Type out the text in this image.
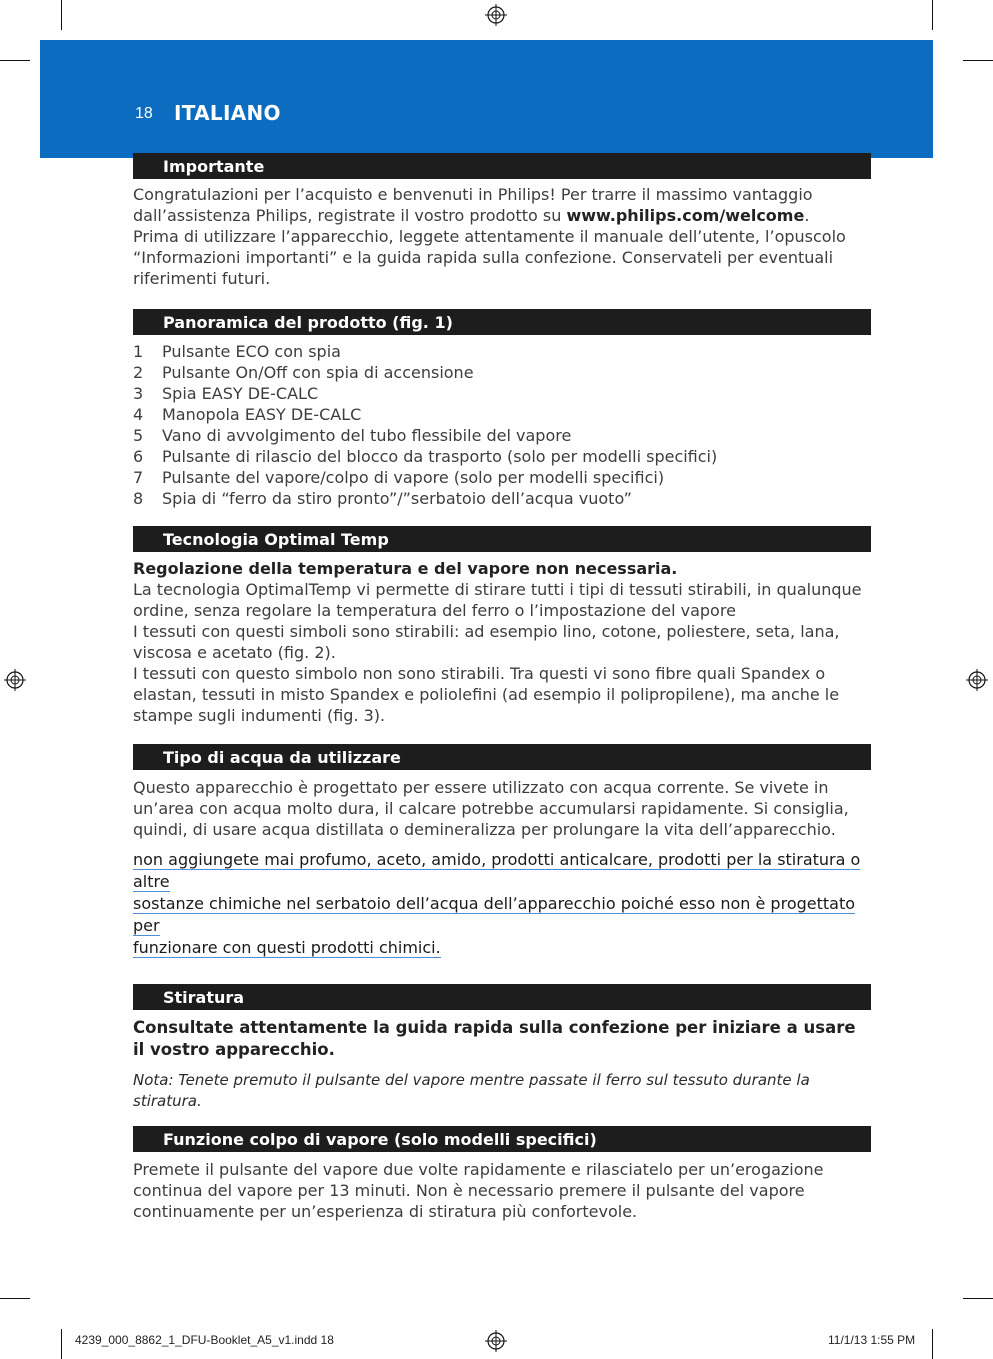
18 ITALIANO
Importante

Congratulazioni per l’acquisto e benvenuti in Philips! Per trarre il massimo vantaggio dall’assistenza Philips, registrate il vostro prodotto su www.philips.com/welcome.

Prima di utilizzare l’apparecchio, leggete attentamente il manuale dell’utente, l’opuscolo “Informazioni importanti” e la guida rapida sulla confezione. Conservateli per eventuali riferimenti futuri.

Panoramica del prodotto (fig. 1)
1	Pulsante ECO con spia
2	Pulsante On/Off con spia di accensione
3	Spia EASY DE-CALC
4	Manopola EASY DE-CALC
5	Vano di avvolgimento del tubo flessibile del vapore
6	Pulsante di rilascio del blocco da trasporto (solo per modelli specifici)
7	Pulsante del vapore/colpo di vapore (solo per modelli specifici)
8	Spia di “ferro da stiro pronto”/”serbatoio dell’acqua vuoto”
Tecnologia Optimal Temp

Regolazione della temperatura e del vapore non necessaria.

La tecnologia OptimalTemp vi permette di stirare tutti i tipi di tessuti stirabili, in qualunque ordine, senza regolare la temperatura del ferro o l’impostazione del vapore

I tessuti con questi simboli sono stirabili: ad esempio lino, cotone, poliestere, seta, lana, viscosa e acetato (fig. 2).

I tessuti con questo simbolo non sono stirabili. Tra questi vi sono fibre quali Spandex o elastan, tessuti in misto Spandex e poliolefini (ad esempio il polipropilene), ma anche le stampe sugli indumenti (fig. 3).

Tipo di acqua da utilizzare

Questo apparecchio è progettato per essere utilizzato con acqua corrente. Se vivete in un’area con acqua molto dura, il calcare potrebbe accumularsi rapidamente. Si consiglia, quindi, di usare acqua distillata o demineralizza per prolungare la vita dell’apparecchio.

non aggiungete mai profumo, aceto, amido, prodotti anticalcare, prodotti per la stiratura o altre
sostanze chimiche nel serbatoio dell’acqua dell’apparecchio poiché esso non è progettato per
funzionare con questi prodotti chimici.
Stiratura

Consultate attentamente la guida rapida sulla confezione per iniziare a usare il vostro apparecchio.

Nota: Tenete premuto il pulsante del vapore mentre passate il ferro sul tessuto durante la stiratura.

Funzione colpo di vapore (solo modelli specifici)

Premete il pulsante del vapore due volte rapidamente e rilasciatelo per un’erogazione continua del vapore per 13 minuti. Non è necessario premere il pulsante del vapore continuamente per un’esperienza di stiratura più confortevole.

4239_000_8862_1_DFU-Booklet_A5_v1.indd 18	11/1/13 1:55 PM
